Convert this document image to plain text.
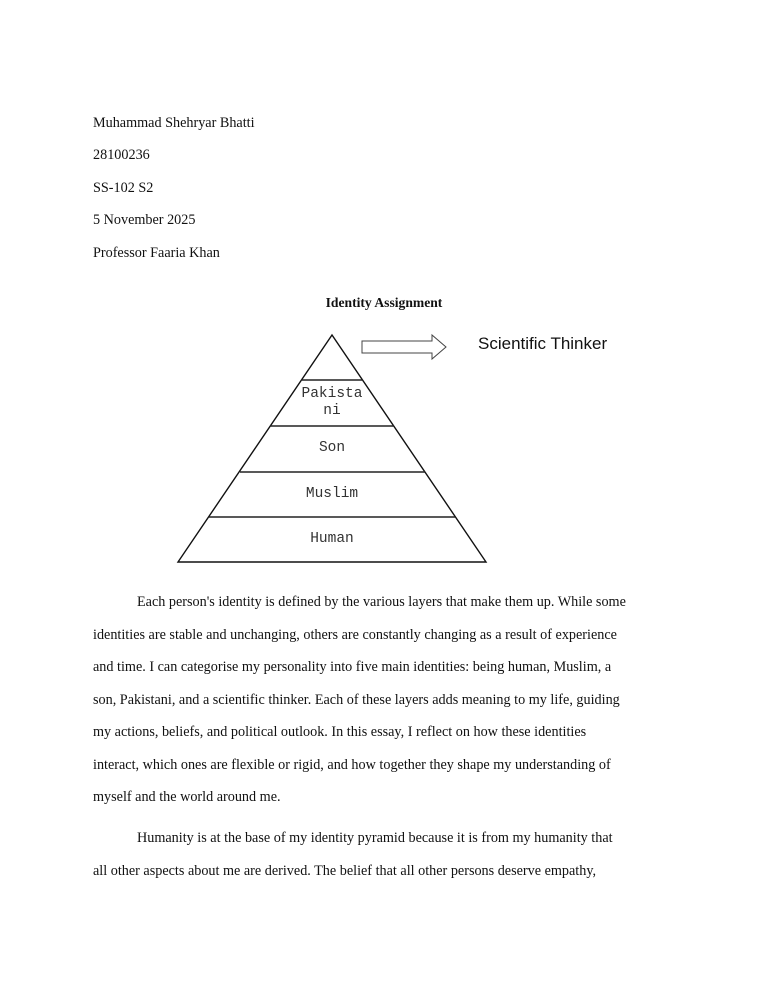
Muhammad Shehryar Bhatti
28100236
SS-102 S2
5 November 2025
Professor Faaria Khan
Identity Assignment
Scientific Thinker
Pakista
ni
Son
Muslim
Human
Each person's identity is defined by the various layers that make them up. While some
identities are stable and unchanging, others are constantly changing as a result of experience
and time. I can categorise my personality into five main identities: being human, Muslim, a
son, Pakistani, and a scientific thinker. Each of these layers adds meaning to my life, guiding
my actions, beliefs, and political outlook. In this essay, I reflect on how these identities
interact, which ones are flexible or rigid, and how together they shape my understanding of
myself and the world around me.
Humanity is at the base of my identity pyramid because it is from my humanity that
all other aspects about me are derived. The belief that all other persons deserve empathy,
